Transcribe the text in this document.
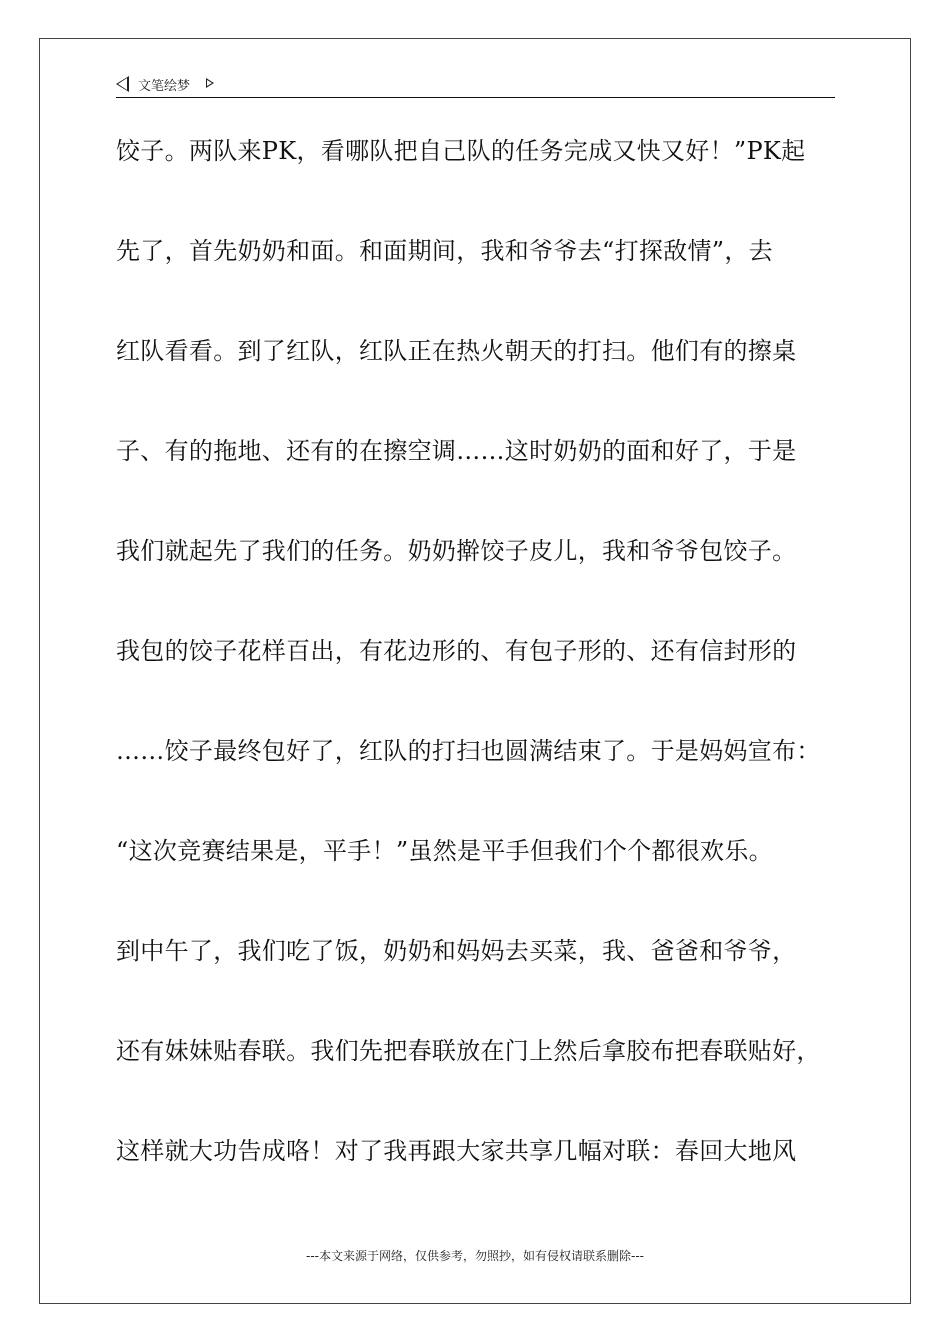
文笔绘梦
饺子。两队来PK，看哪队把自己队的任务完成又快又好！”PK起
先了，首先奶奶和面。和面期间，我和爷爷去“打探敌情”，去
红队看看。到了红队，红队正在热火朝天的打扫。他们有的擦桌
子、有的拖地、还有的在擦空调……这时奶奶的面和好了，于是
我们就起先了我们的任务。奶奶擀饺子皮儿，我和爷爷包饺子。
我包的饺子花样百出，有花边形的、有包子形的、还有信封形的
……饺子最终包好了，红队的打扫也圆满结束了。于是妈妈宣布：
“这次竞赛结果是，平手！”虽然是平手但我们个个都很欢乐。
到中午了，我们吃了饭，奶奶和妈妈去买菜，我、爸爸和爷爷，
还有妹妹贴春联。我们先把春联放在门上然后拿胶布把春联贴好，
这样就大功告成咯！对了我再跟大家共享几幅对联：春回大地风
---本文来源于网络，仅供参考，勿照抄，如有侵权请联系删除---
